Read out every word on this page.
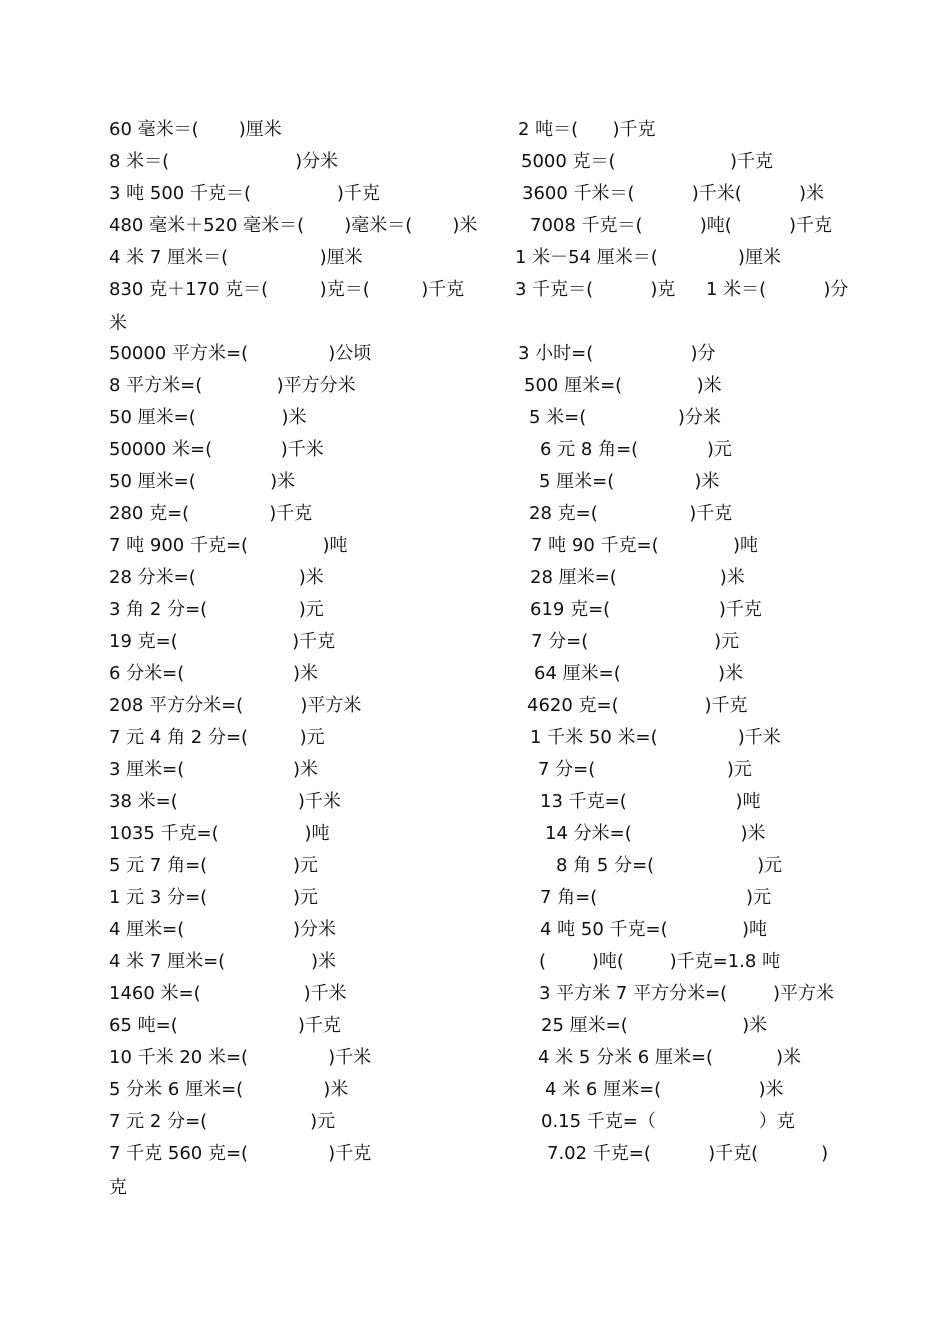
60 毫米＝(       )厘米	2 吨＝(      )千克
8 米＝(                      )分米	5000 克＝(                    )千克
3 吨 500 千克＝(               )千克	3600 千米＝(          )千米(          )米
480 毫米＋520 毫米＝(       )毫米＝(       )米	7008 千克＝(          )吨(          )千克
4 米 7 厘米＝(                )厘米	1 米－54 厘米＝(              )厘米
830 克＋170 克＝(         )克＝(         )千克	3 千克＝(          )克 1 米＝(          )分
米
50000 平方米=(              )公顷	3 小时=(                 )分
8 平方米=(             )平方分米	500 厘米=(             )米
50 厘米=(               )米	5 米=(                )分米
50000 米=(            )千米	6 元 8 角=(            )元
50 厘米=(             )米	5 厘米=(              )米
280 克=(              )千克	28 克=(                )千克
7 吨 900 千克=(             )吨	7 吨 90 千克=(             )吨
28 分米=(                  )米	28 厘米=(                  )米
3 角 2 分=(                )元	619 克=(                   )千克
19 克=(                    )千克	7 分=(                      )元
6 分米=(                   )米	64 厘米=(                 )米
208 平方分米=(          )平方米	4620 克=(               )千克
7 元 4 角 2 分=(         )元	1 千米 50 米=(              )千米
3 厘米=(                   )米	7 分=(                       )元
38 米=(                     )千米	13 千克=(                   )吨
1035 千克=(               )吨	14 分米=(                   )米
5 元 7 角=(               )元	8 角 5 分=(                  )元
1 元 3 分=(               )元	7 角=(                          )元
4 厘米=(                   )分米	4 吨 50 千克=(             )吨
4 米 7 厘米=(               )米	(        )吨(        )千克=1.8 吨
1460 米=(                  )千米	3 平方米 7 平方分米=(        )平方米
65 吨=(                     )千克	25 厘米=(                    )米
10 千米 20 米=(              )千米	4 米 5 分米 6 厘米=(           )米
5 分米 6 厘米=(              )米	4 米 6 厘米=(                 )米
7 元 2 分=(                  )元	0.15 千克=（                  ）克
7 千克 560 克=(              )千克	7.02 千克=(          )千克(           )
克
